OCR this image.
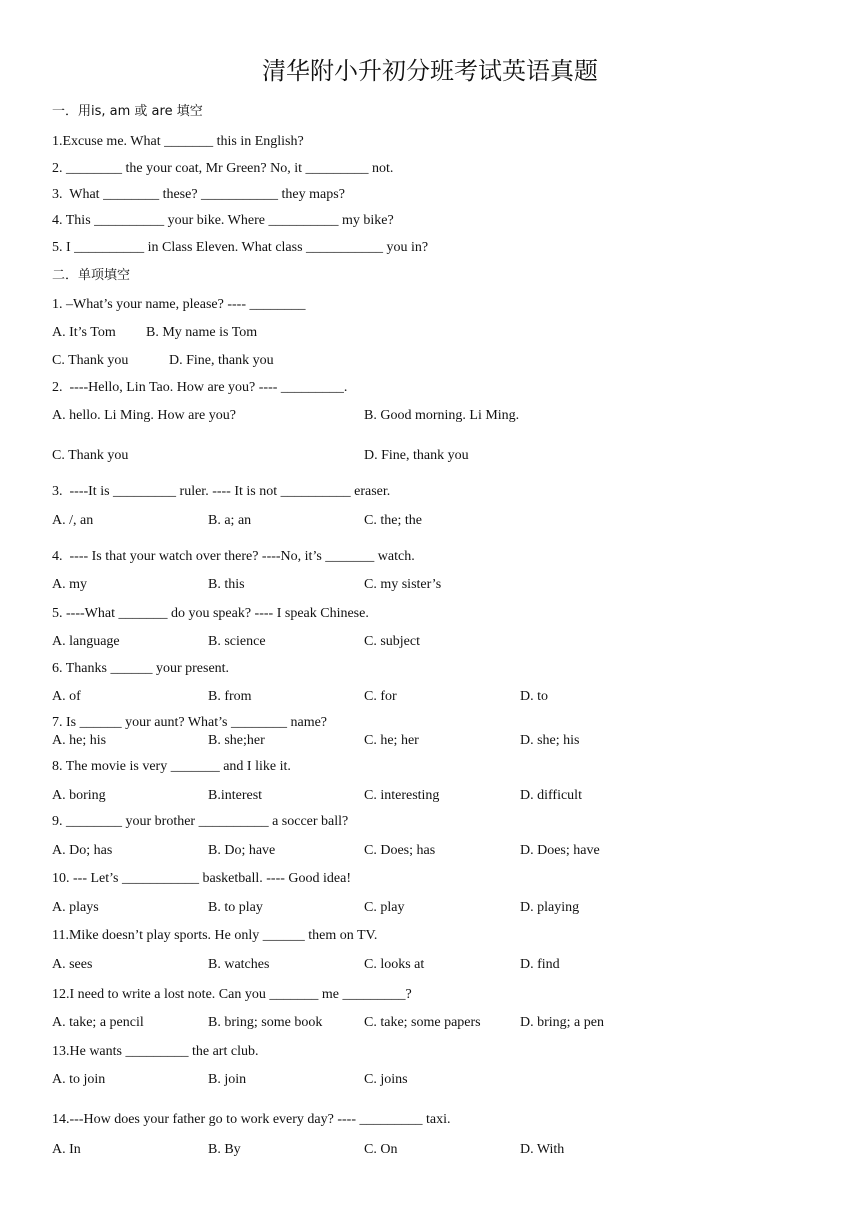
清华附小升初分班考试英语真题
一．用is, am 或 are 填空
1.Excuse me. What _______ this in English?
2. ________ the your coat, Mr Green? No, it _________ not.
3.  What ________ these? ___________ they maps?
4. This __________ your bike. Where __________ my bike?
5. I __________ in Class Eleven. What class ___________ you in?
二．单项填空
1. –What’s your name, please? ---- ________
A. It’s Tom B. My name is Tom
C. Thank you	D. Fine, thank you
2.  ----Hello, Lin Tao. How are you? ---- _________.
A. hello. Li Ming. How are you?	B. Good morning. Li Ming.
C. Thank you	D. Fine, thank you
3.  ----It is _________ ruler. ---- It is not __________ eraser.
A. /, an	B. a; an	C. the; the
4.  ---- Is that your watch over there? ----No, it’s _______ watch.
A. my	B. this	C. my sister’s
5. ----What _______ do you speak? ---- I speak Chinese.
A. language	B. science	C. subject
6. Thanks ______ your present.
A. of	B. from	C. for	D. to
7. Is ______ your aunt? What’s ________ name?
A. he; his	B. she;her	C. he; her	D. she; his
8. The movie is very _______ and I like it.
A. boring	B.interest	C. interesting	D. difficult
9. ________ your brother __________ a soccer ball?
A. Do; has	B. Do; have	C. Does; has	D. Does; have
10. --- Let’s ___________ basketball. ---- Good idea!
A. plays	B. to play	C. play	D. playing
11.Mike doesn’t play sports. He only ______ them on TV.
A. sees	B. watches	C. looks at	D. find
12.I need to write a lost note. Can you _______ me _________?
A. take; a pencil	B. bring; some book	C. take; some papers	D. bring; a pen
13.He wants _________ the art club.
A. to join	B. join	C. joins
14.---How does your father go to work every day? ---- _________ taxi.
A. In	B. By	C. On	D. With
